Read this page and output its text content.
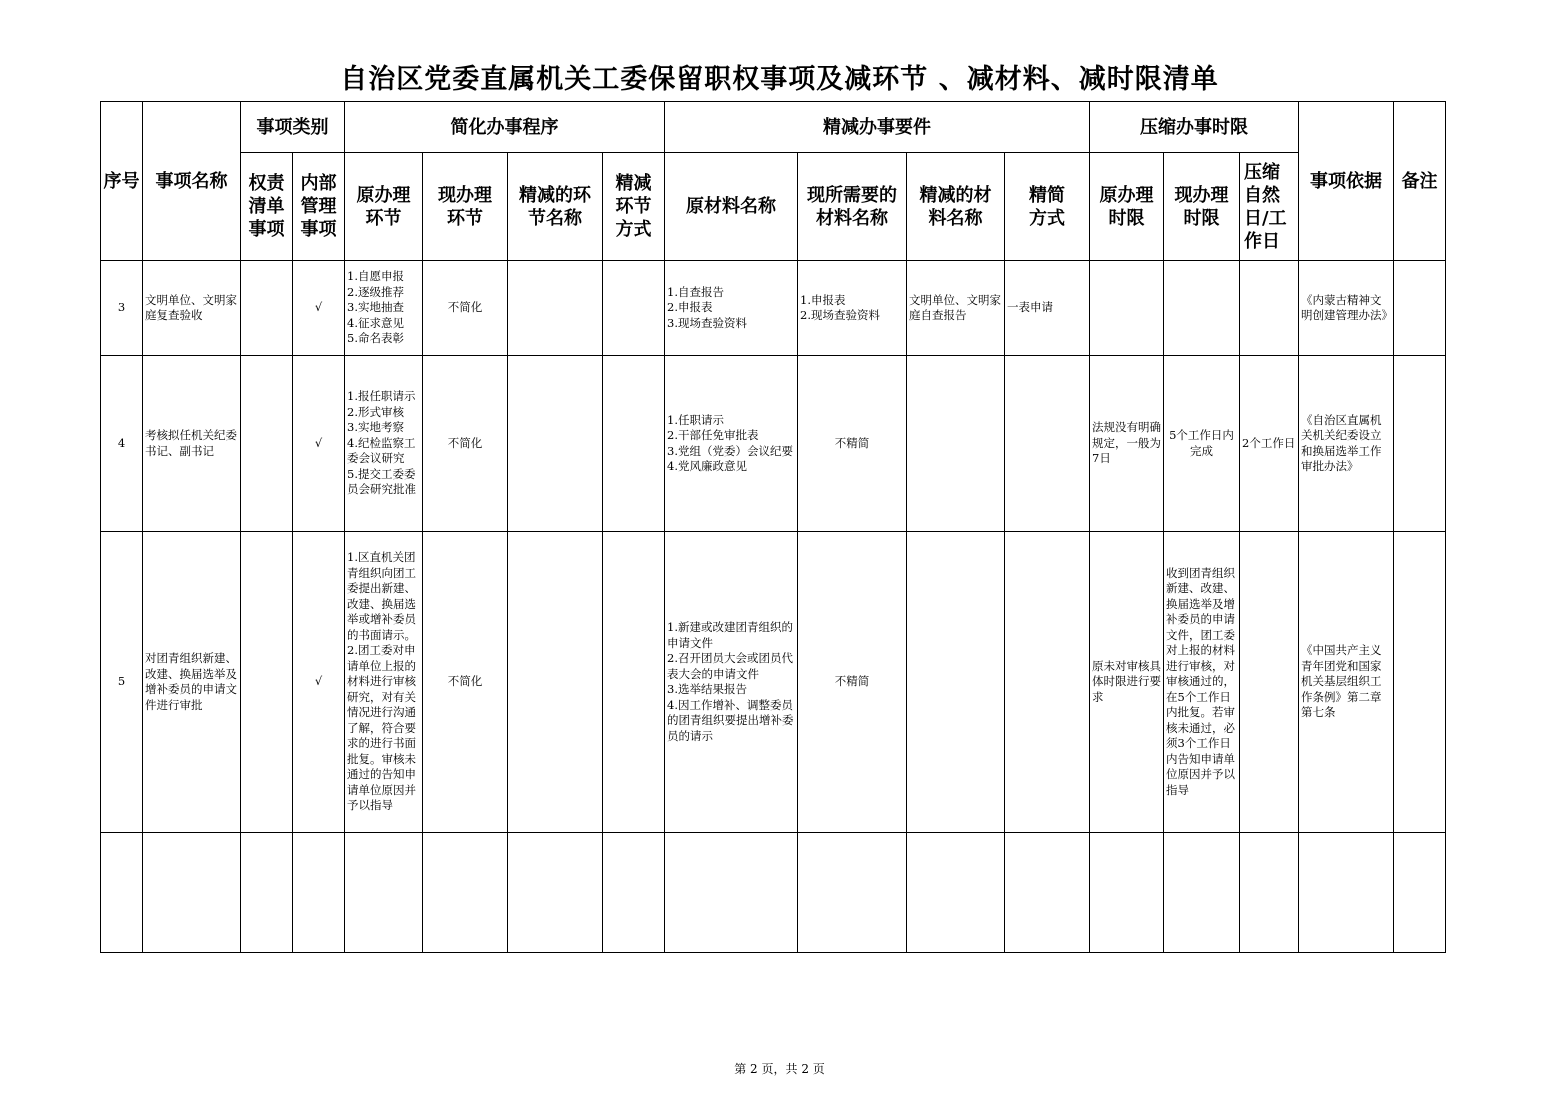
自治区党委直属机关工委保留职权事项及减环节 、减材料、减时限清单
序号	事项名称	事项类别		简化办事程序				精减办事要件				压缩办事时限			事项依据	备注
		权责清单事项	内部管理事项	原办理环节	现办理环节	精减的环节名称	精减环节方式	原材料名称	现所需要的材料名称	精减的材料名称	精简方式	原办理时限	现办理时限	压缩自然日/工作日		
3	文明单位、文明家庭复查验收		√	1.自愿申报
2.逐级推荐
3.实地抽查
4.征求意见
5.命名表彰	不简化			1.自查报告
2.申报表
3.现场查验资料	1.申报表
2.现场查验资料	文明单位、文明家庭自查报告	一表申请				《内蒙古精神文明创建管理办法》	
4	考核拟任机关纪委书记、副书记		√	1.报任职请示
2.形式审核
3.实地考察
4.纪检监察工委会议研究
5.提交工委委员会研究批准	不简化			1.任职请示
2.干部任免审批表
3.党组（党委）会议纪要
4.党风廉政意见	不精简			法规没有明确规定，一般为7日	5个工作日内完成	2个工作日	《自治区直属机关机关纪委设立和换届选举工作审批办法》	
5	对团青组织新建、改建、换届选举及增补委员的申请文件进行审批		√	1.区直机关团青组织向团工委提出新建、改建、换届选举或增补委员的书面请示。
2.团工委对申请单位上报的材料进行审核研究，对有关情况进行沟通了解，符合要求的进行书面批复。审核未通过的告知申请单位原因并予以指导	不简化			1.新建或改建团青组织的申请文件
2.召开团员大会或团员代表大会的申请文件
3.选举结果报告
4.因工作增补、调整委员的团青组织要提出增补委员的请示	不精简			原未对审核具体时限进行要求	收到团青组织新建、改建、换届选举及增补委员的申请文件，团工委对上报的材料进行审核，对审核通过的，在5个工作日内批复。若审核未通过，必须3个工作日内告知申请单位原因并予以指导		《中国共产主义青年团党和国家机关基层组织工作条例》第二章第七条	

第 2 页，共 2 页
